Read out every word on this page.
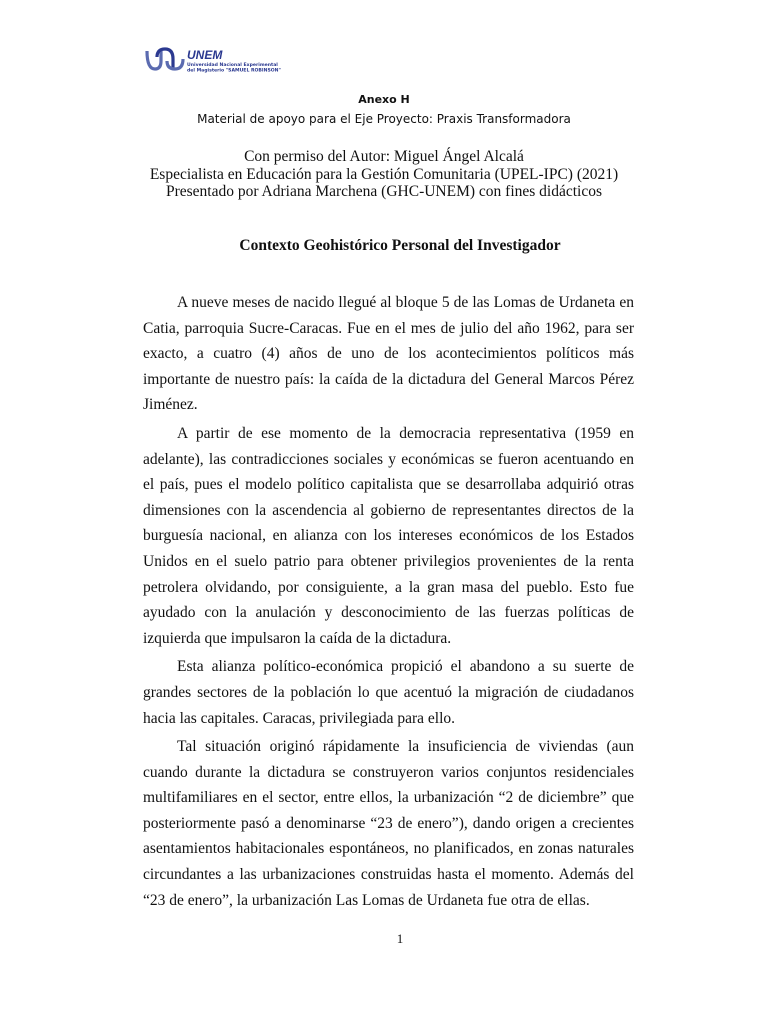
UNEM
Universidad Nacional Experimental
del Magisterio "SAMUEL ROBINSON"
Anexo H
Material de apoyo para el Eje Proyecto: Praxis Transformadora
Con permiso del Autor: Miguel Ángel Alcalá
Especialista en Educación para la Gestión Comunitaria (UPEL-IPC) (2021)
Presentado por Adriana Marchena (GHC-UNEM) con fines didácticos
Contexto Geohistórico Personal del Investigador

A nueve meses de nacido llegué al bloque 5 de las Lomas de Urdaneta en Catia, parroquia Sucre-Caracas. Fue en el mes de julio del año 1962, para ser exacto, a cuatro (4) años de uno de los acontecimientos políticos más importante de nuestro país: la caída de la dictadura del General Marcos Pérez Jiménez.

A partir de ese momento de la democracia representativa (1959 en adelante), las contradicciones sociales y económicas se fueron acentuando en el país, pues el modelo político capitalista que se desarrollaba adquirió otras dimensiones con la ascendencia al gobierno de representantes directos de la burguesía nacional, en alianza con los intereses económicos de los Estados Unidos en el suelo patrio para obtener privilegios provenientes de la renta petrolera olvidando, por consiguiente, a la gran masa del pueblo. Esto fue ayudado con la anulación y desconocimiento de las fuerzas políticas de izquierda que impulsaron la caída de la dictadura.

Esta alianza político-económica propició el abandono a su suerte de grandes sectores de la población lo que acentuó la migración de ciudadanos hacia las capitales. Caracas, privilegiada para ello.

Tal situación originó rápidamente la insuficiencia de viviendas (aun cuando durante la dictadura se construyeron varios conjuntos residenciales multifamiliares en el sector, entre ellos, la urbanización “2 de diciembre” que posteriormente pasó a denominarse “23 de enero”), dando origen a crecientes asentamientos habitacionales espontáneos, no planificados, en zonas naturales circundantes a las urbanizaciones construidas hasta el momento. Además del “23 de enero”, la urbanización Las Lomas de Urdaneta fue otra de ellas.

1
